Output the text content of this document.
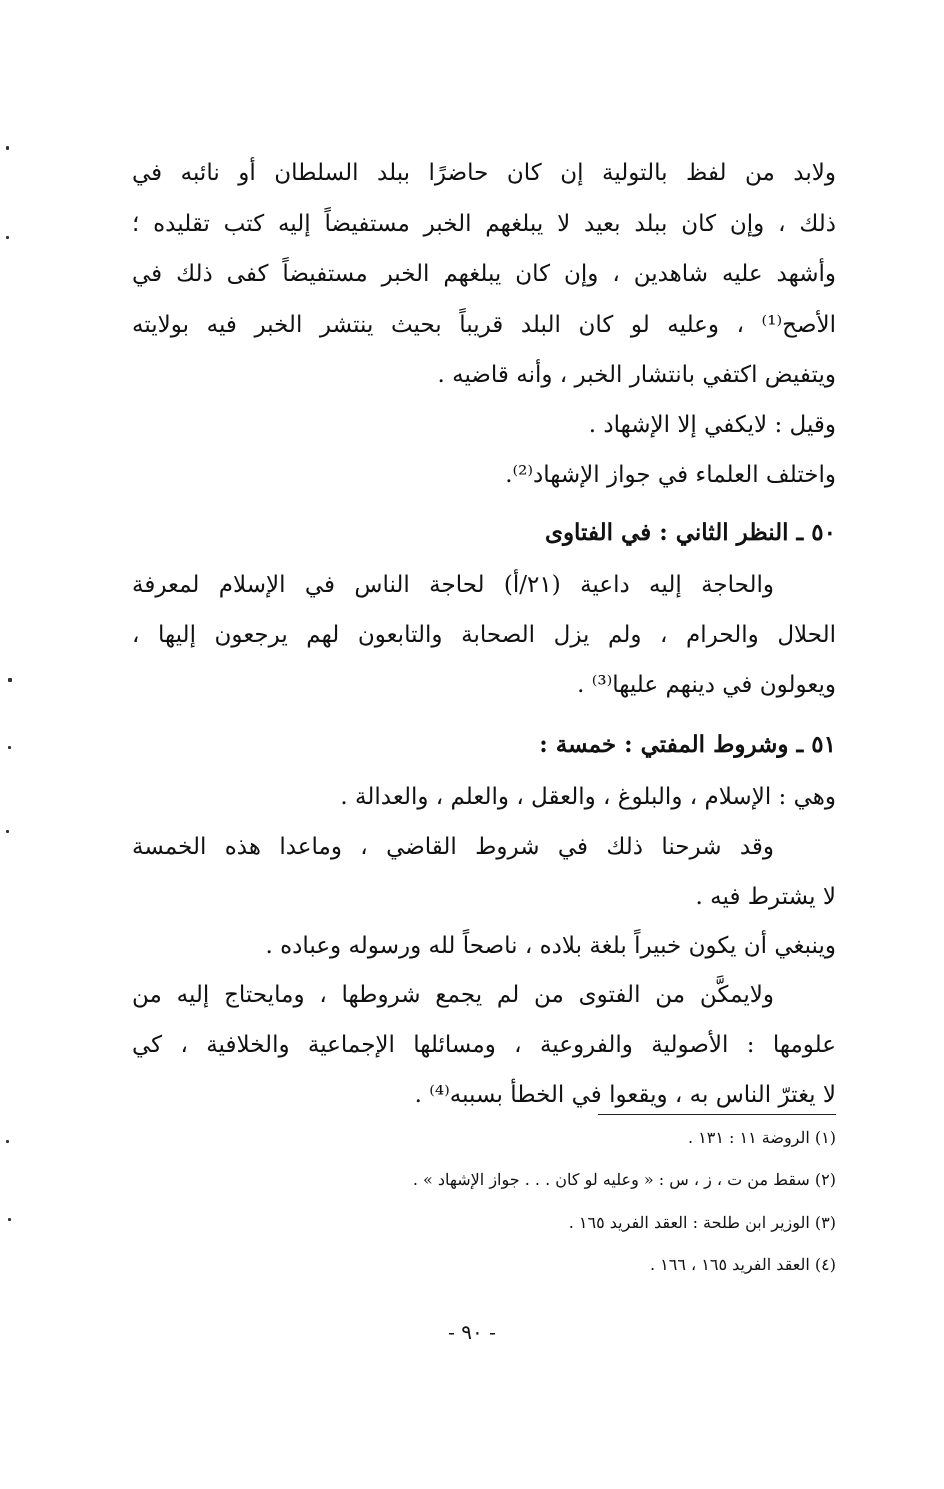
ولابد من لفظ بالتولية إن كان حاضرًا ببلد السلطان أو نائبه في
ذلك ، وإن كان ببلد بعيد لا يبلغهم الخبر مستفيضاً إليه كتب تقليده ؛
وأشهد عليه شاهدين ، وإن كان يبلغهم الخبر مستفيضاً كفى ذلك في
الأصح⁽¹⁾ ، وعليه لو كان البلد قريباً بحيث ينتشر الخبر فيه بولايته
ويتفيض اكتفي بانتشار الخبر ، وأنه قاضيه .
وقيل : لايكفي إلا الإشهاد .
واختلف العلماء في جواز الإشهاد⁽²⁾.
٥٠ ـ النظر الثاني : في الفتاوى
والحاجة إليه داعية (٢١/أ) لحاجة الناس في الإسلام لمعرفة
الحلال والحرام ، ولم يزل الصحابة والتابعون لهم يرجعون إليها ،
ويعولون في دينهم عليها⁽³⁾ .
٥١ ـ وشروط المفتي : خمسة :
وهي : الإسلام ، والبلوغ ، والعقل ، والعلم ، والعدالة .
وقد شرحنا ذلك في شروط القاضي ، وماعدا هذه الخمسة
لا يشترط فيه .
وينبغي أن يكون خبيراً بلغة بلاده ، ناصحاً لله ورسوله وعباده .
ولايمكَّن من الفتوى من لم يجمع شروطها ، ومايحتاج إليه من
علومها : الأصولية والفروعية ، ومسائلها الإجماعية والخلافية ، كي
لا يغترّ الناس به ، ويقعوا في الخطأ بسببه⁽⁴⁾ .
(١) الروضة ١١ : ١٣١ .
(٢) سقط من ت ، ز ، س : « وعليه لو كان . . . جواز الإشهاد » .
(٣) الوزير ابن طلحة : العقد الفريد ١٦٥ .
(٤) العقد الفريد ١٦٥ ، ١٦٦ .
- ٩٠ -
